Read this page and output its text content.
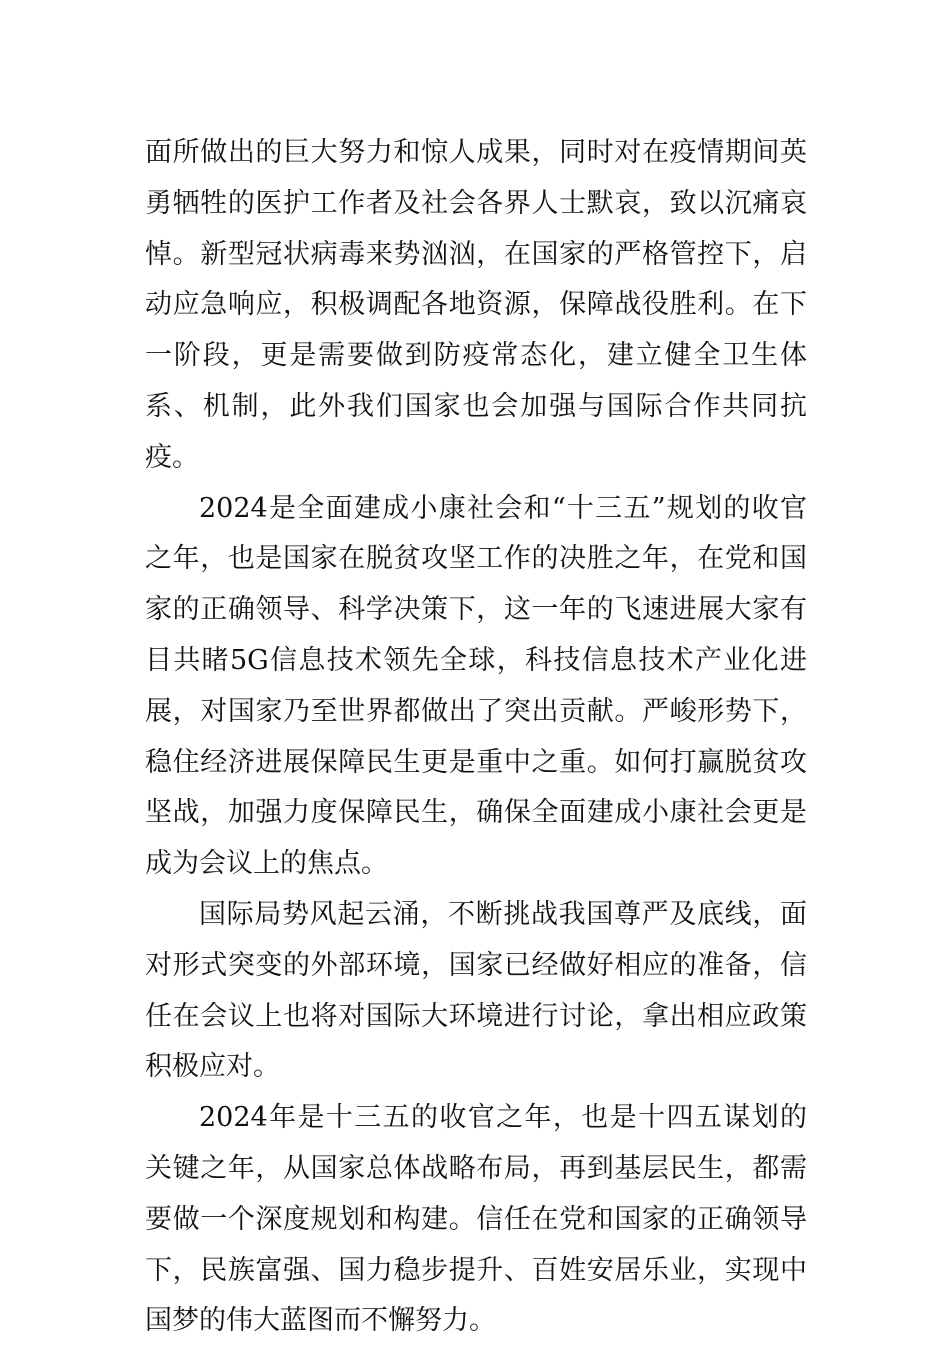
面所做出的巨大努力和惊人成果，同时对在疫情期间英勇牺牲的医护工作者及社会各界人士默哀，致以沉痛哀悼。新型冠状病毒来势汹汹，在国家的严格管控下，启动应急响应，积极调配各地资源，保障战役胜利。在下一阶段，更是需要做到防疫常态化，建立健全卫生体系、机制，此外我们国家也会加强与国际合作共同抗疫。

2024是全面建成小康社会和“十三五”规划的收官之年，也是国家在脱贫攻坚工作的决胜之年，在党和国家的正确领导、科学决策下，这一年的飞速进展大家有目共睹5G信息技术领先全球，科技信息技术产业化进展，对国家乃至世界都做出了突出贡献。严峻形势下，稳住经济进展保障民生更是重中之重。如何打赢脱贫攻坚战，加强力度保障民生，确保全面建成小康社会更是成为会议上的焦点。

国际局势风起云涌，不断挑战我国尊严及底线，面对形式突变的外部环境，国家已经做好相应的准备，信任在会议上也将对国际大环境进行讨论，拿出相应政策积极应对。

2024年是十三五的收官之年，也是十四五谋划的关键之年，从国家总体战略布局，再到基层民生，都需要做一个深度规划和构建。信任在党和国家的正确领导下，民族富强、国力稳步提升、百姓安居乐业，实现中国梦的伟大蓝图而不懈努力。
